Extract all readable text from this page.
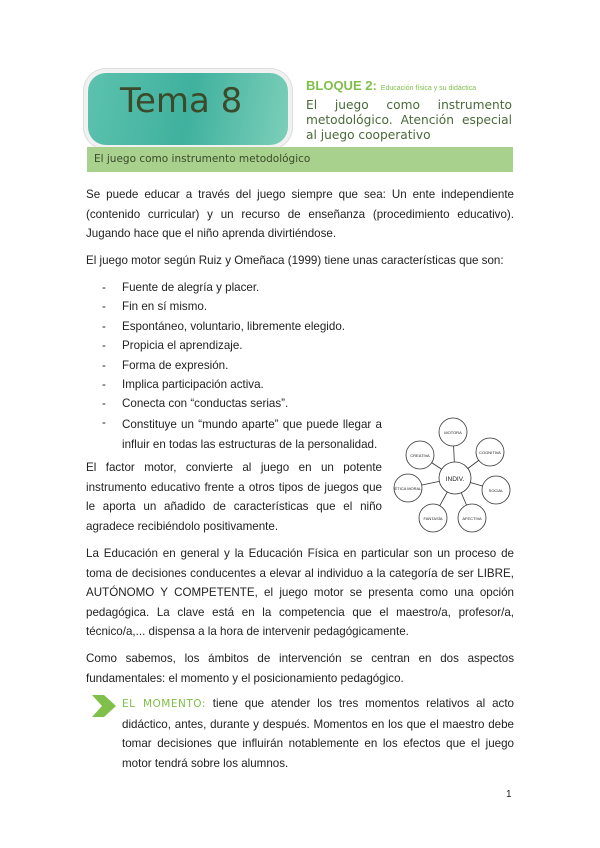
Tema 8	BLOQUE 2: Educación física y su didáctica
El juego como instrumento metodológico. Atención especial al juego cooperativo
El juego como instrumento metodológico
Se puede educar a través del juego siempre que sea: Un ente independiente (contenido curricular) y un recurso de enseñanza (procedimiento educativo). Jugando hace que el niño aprenda divirtiéndose.
El juego motor según Ruiz y Omeñaca (1999) tiene unas características que son:
Fuente de alegría y placer.
Fin en sí mismo.
Espontáneo, voluntario, libremente elegido.
Propicia el aprendizaje.
Forma de expresión.
Implica participación activa.
Conecta con “conductas serias”.
Constituye un “mundo aparte” que puede llegar a influir en todas las estructuras de la personalidad.
El factor motor, convierte al juego en un potente instrumento educativo frente a otros tipos de juegos que le aporta un añadido de características que el niño agradece recibiéndolo positivamente.
INDIV.
MOTORA
COGNITIVA
SOCIAL
AFECTIVA
FANTASÍA
ÉTICA MORAL
CREATIVA
La Educación en general y la Educación Física en particular son un proceso de toma de decisiones conducentes a elevar al individuo a la categoría de ser LIBRE, AUTÓNOMO Y COMPETENTE, el juego motor se presenta como una opción pedagógica. La clave está en la competencia que el maestro/a, profesor/a, técnico/a,... dispensa a la hora de intervenir pedagógicamente.
Como sabemos, los ámbitos de intervención se centran en dos aspectos fundamentales: el momento y el posicionamiento pedagógico.
EL MOMENTO: tiene que atender los tres momentos relativos al acto didáctico, antes, durante y después. Momentos en los que el maestro debe tomar decisiones que influirán notablemente en los efectos que el juego motor tendrá sobre los alumnos.
1
